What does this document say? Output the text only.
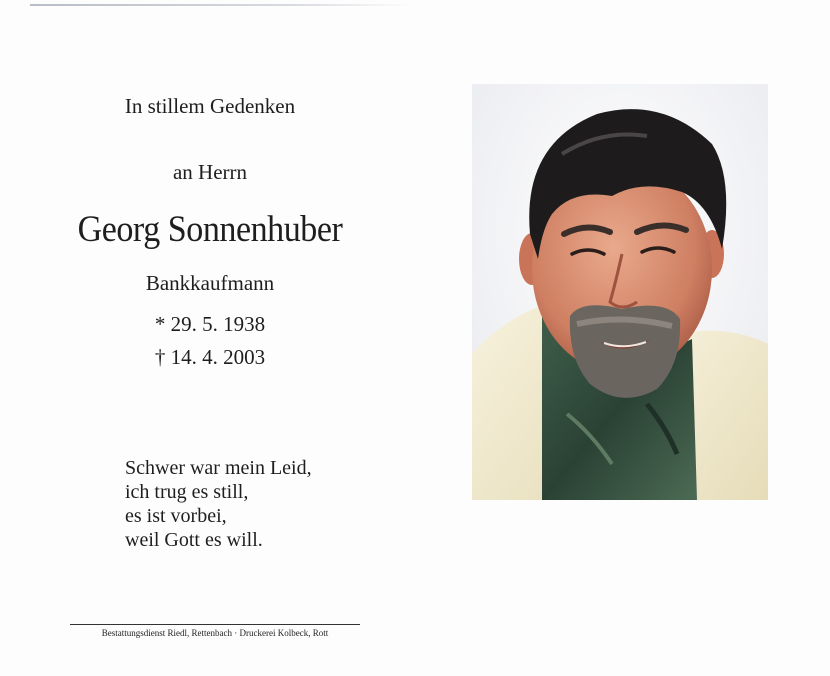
In stillem Gedenken
an Herrn
Georg Sonnenhuber
Bankkaufmann
* 29. 5. 1938
† 14. 4. 2003
Schwer war mein Leid,
ich trug es still,
es ist vorbei,
weil Gott es will.
Bestattungsdienst Riedl, Rettenbach · Druckerei Kolbeck, Rott
